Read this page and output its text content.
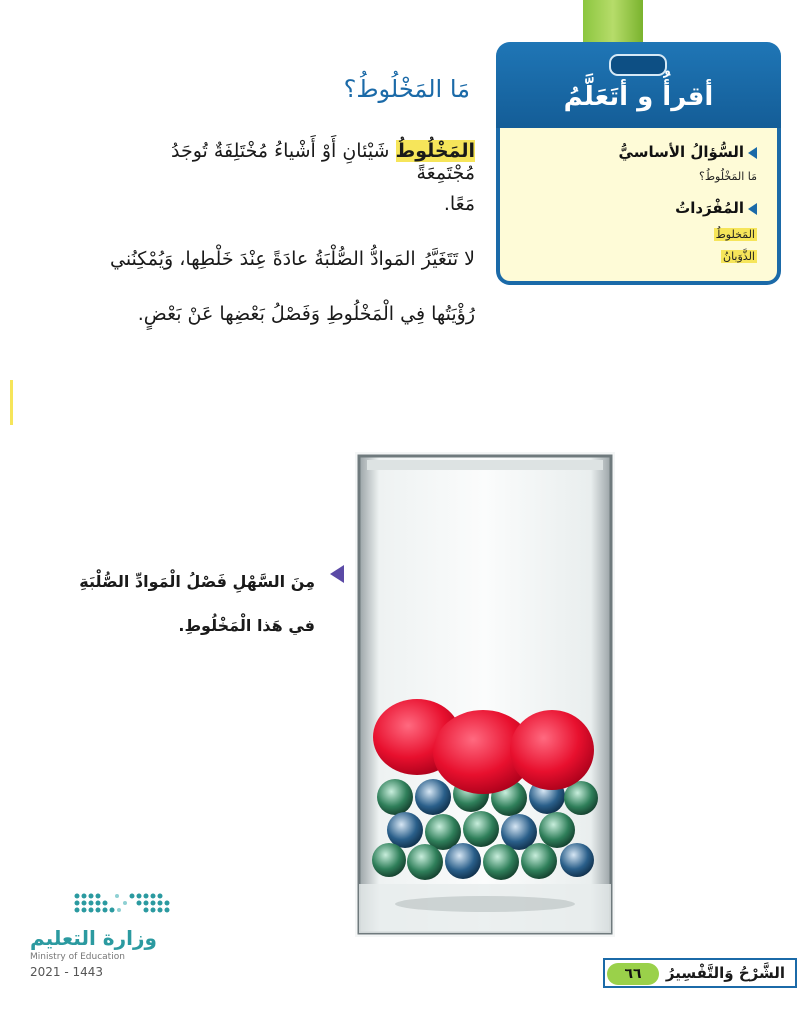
أقرأُ و أتَعَلَّمُ
السُّؤالُ الأساسيُّ
مَا المَخْلُوطُ؟
المُفْرَداتُ
المَخلوطُ
الذَّوَبانُ
مَا المَخْلُوطُ؟
المَخْلُوطُ شَيْئانِ أَوْ أَشْياءُ مُخْتَلِفَةٌ تُوجَدُ مُجْتَمِعَةً
مَعًا.
لا تَتَغَيَّرُ المَوادُّ الصُّلْبَةُ عادَةً عِنْدَ خَلْطِها، وَيُمْكِنُني
رُؤْيَتُها فِي الْمَخْلُوطِ وَفَصْلُ بَعْضِها عَنْ بَعْضٍ.
مِنَ السَّهْلِ فَصْلُ الْمَوادِّ الصُّلْبَةِ
في هَذا الْمَخْلُوطِ.
وزارة التعليم
Ministry of Education
2021 - 1443	٦٦	الشَّرْحُ وَالتَّفْسِيرُ
